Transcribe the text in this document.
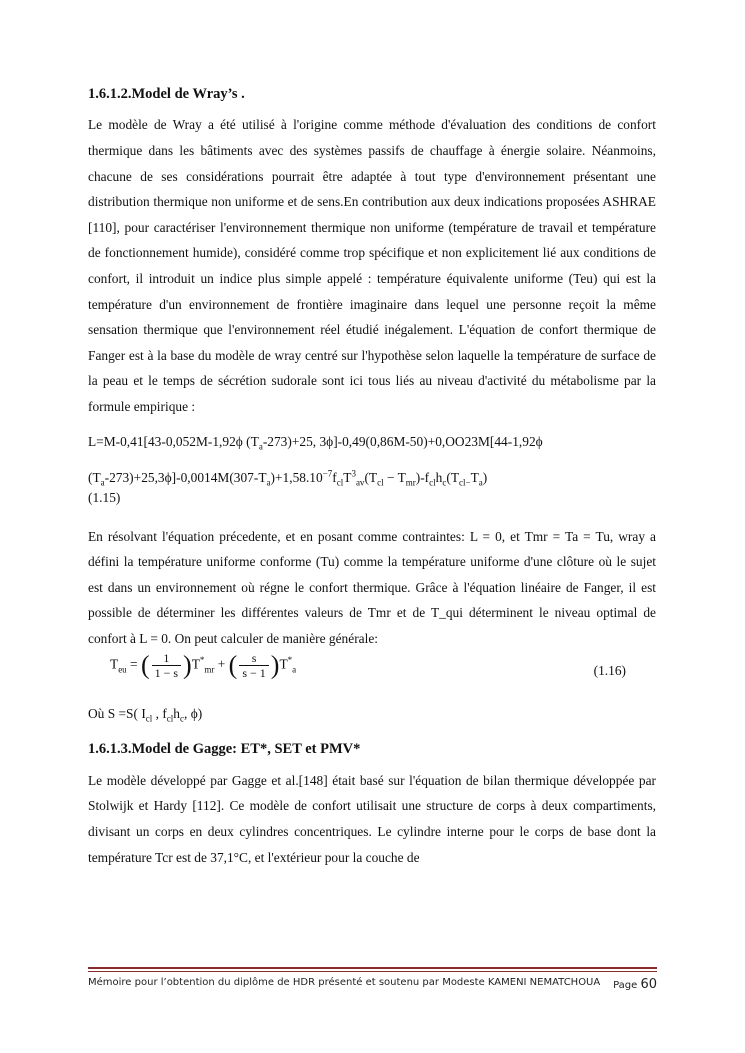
1.6.1.2.Model de Wray’s .

Le modèle de Wray a été utilisé à l'origine comme méthode d'évaluation des conditions de confort thermique dans les bâtiments avec des systèmes passifs de chauffage à énergie solaire. Néanmoins, chacune de ses considérations pourrait être adaptée à tout type d'environnement présentant une distribution thermique non uniforme et de sens.En contribution aux deux indications proposées ASHRAE [110], pour caractériser l'environnement thermique non uniforme (température de travail et température de fonctionnement humide), considéré comme trop spécifique et non explicitement lié aux conditions de confort, il introduit un indice plus simple appelé : température équivalente uniforme (Teu) qui est la température d'un environnement de frontière imaginaire dans lequel une personne reçoit la même sensation thermique que l'environnement réel étudié inégalement. L'équation de confort thermique de Fanger est à la base du modèle de wray centré sur l'hypothèse selon laquelle la température de surface de la peau et le temps de sécrétion sudorale sont ici tous liés au niveau d'activité du métabolisme par la formule empirique :

L=M-0,41[43-0,052M-1,92ϕ $(T_a-273)+25$, 3ϕ]-0,49(0,86M-50)+0,OO23M[44-1,92ϕ

$(T_a-273)+25,3\phi]-0,0014M(307-T_a)+1,58.10^{-7}f_{cl}T^3_{av}(T_{cl} - T_{mr})-f_{cl}h_c(T_{cl-}T_a)$

(1.15)

En résolvant l'équation précedente, et en posant comme contraintes: L = 0, et Tmr = Ta = Tu, wray a défini la température uniforme conforme (Tu) comme la température uniforme d'une clôture où le sujet est dans un environnement où régne le confort thermique. Grâce à l'équation linéaire de Fanger, il est possible de déterminer les différentes valeurs de Tmr et de T_qui déterminent le niveau optimal de confort à L = 0. On peut calculer de manière générale:

$T_{eu}$ = ( $\frac{1}{1 - s} )T^*_{mr}$ + ( $\frac{s}{s - 1} )T^*_a$	(1.16)

Où S =S( $I_{cl}$ , $f_{cl}h_c$, ϕ)

1.6.1.3.Model de Gagge: ET*, SET et PMV*

Le modèle développé par Gagge et al.[148] était basé sur l'équation de bilan thermique développée par Stolwijk et Hardy [112]. Ce modèle de confort utilisait une structure de corps à deux compartiments, divisant un corps en deux cylindres concentriques. Le cylindre interne pour le corps de base dont la température Tcr est de 37,1°C, et l'extérieur pour la couche de

Mémoire pour l’obtention du diplôme de HDR présenté et soutenu par Modeste KAMENI NEMATCHOUA Page 60
